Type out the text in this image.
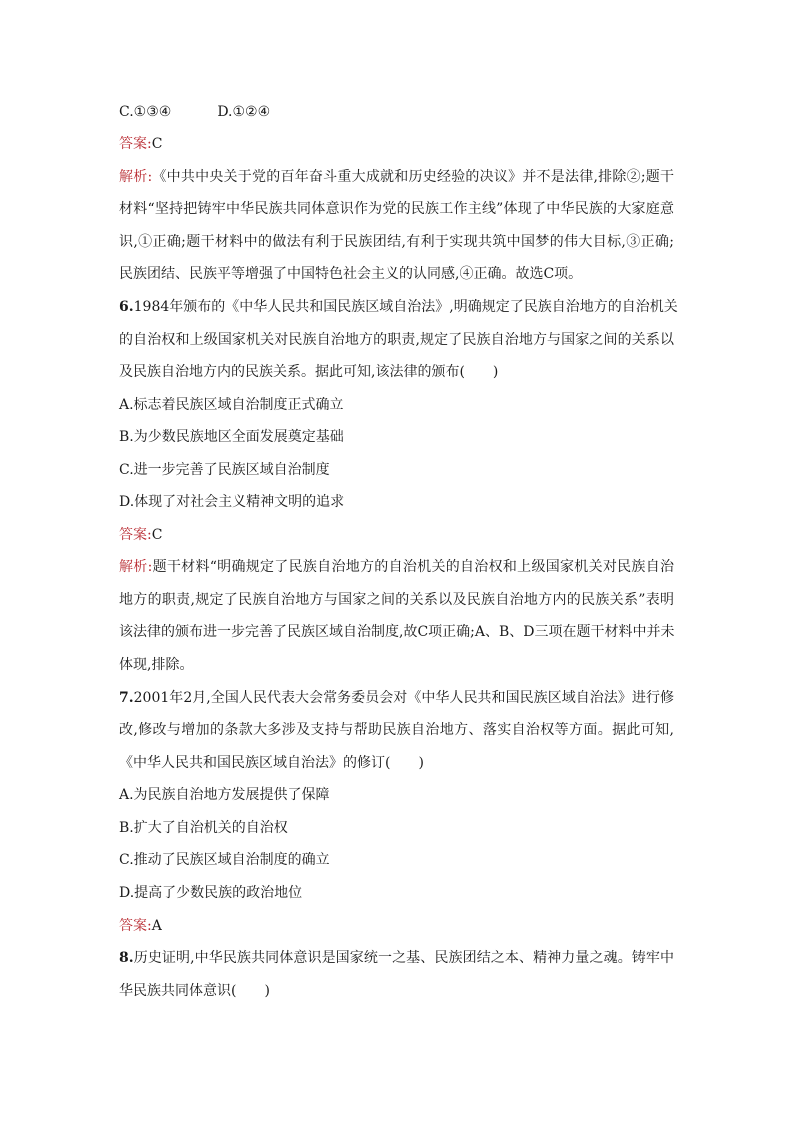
C.①③④	D.①②④
答案:C
解析:《中共中央关于党的百年奋斗重大成就和历史经验的决议》并不是法律,排除②;题干
材料“坚持把铸牢中华民族共同体意识作为党的民族工作主线”体现了中华民族的大家庭意
识,①正确;题干材料中的做法有利于民族团结,有利于实现共筑中国梦的伟大目标,③正确;
民族团结、民族平等增强了中国特色社会主义的认同感,④正确。故选C项。
6.1984年颁布的《中华人民共和国民族区域自治法》,明确规定了民族自治地方的自治机关
的自治权和上级国家机关对民族自治地方的职责,规定了民族自治地方与国家之间的关系以
及民族自治地方内的民族关系。据此可知,该法律的颁布(　　)
A.标志着民族区域自治制度正式确立
B.为少数民族地区全面发展奠定基础
C.进一步完善了民族区域自治制度
D.体现了对社会主义精神文明的追求
答案:C
解析:题干材料“明确规定了民族自治地方的自治机关的自治权和上级国家机关对民族自治
地方的职责,规定了民族自治地方与国家之间的关系以及民族自治地方内的民族关系”表明
该法律的颁布进一步完善了民族区域自治制度,故C项正确;A、B、D三项在题干材料中并未
体现,排除。
7.2001年2月,全国人民代表大会常务委员会对《中华人民共和国民族区域自治法》进行修
改,修改与增加的条款大多涉及支持与帮助民族自治地方、落实自治权等方面。据此可知,
《中华人民共和国民族区域自治法》的修订(　　)
A.为民族自治地方发展提供了保障
B.扩大了自治机关的自治权
C.推动了民族区域自治制度的确立
D.提高了少数民族的政治地位
答案:A
8.历史证明,中华民族共同体意识是国家统一之基、民族团结之本、精神力量之魂。铸牢中
华民族共同体意识(　　)
